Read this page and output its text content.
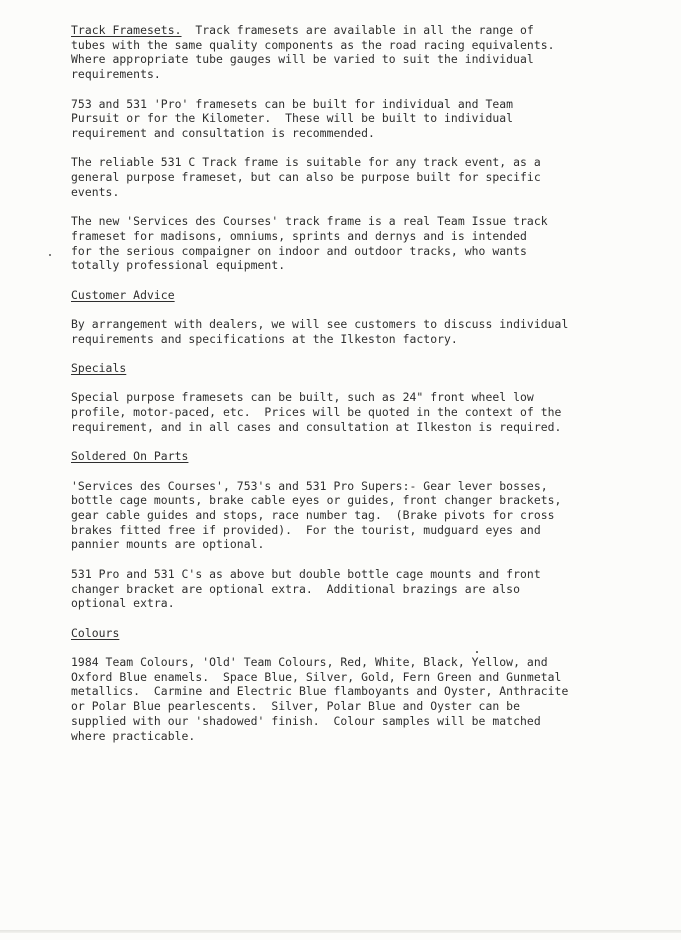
Track Framesets.  Track framesets are available in all the range of
tubes with the same quality components as the road racing equivalents.
Where appropriate tube gauges will be varied to suit the individual
requirements.
753 and 531 'Pro' framesets can be built for individual and Team
Pursuit or for the Kilometer.  These will be built to individual
requirement and consultation is recommended.
The reliable 531 C Track frame is suitable for any track event, as a
general purpose frameset, but can also be purpose built for specific
events.
The new 'Services des Courses' track frame is a real Team Issue track
frameset for madisons, omniums, sprints and dernys and is intended
for the serious compaigner on indoor and outdoor tracks, who wants
totally professional equipment.
Customer Advice
By arrangement with dealers, we will see customers to discuss individual
requirements and specifications at the Ilkeston factory.
Specials
Special purpose framesets can be built, such as 24" front wheel low
profile, motor-paced, etc.  Prices will be quoted in the context of the
requirement, and in all cases and consultation at Ilkeston is required.
Soldered On Parts
'Services des Courses', 753's and 531 Pro Supers:- Gear lever bosses,
bottle cage mounts, brake cable eyes or guides, front changer brackets,
gear cable guides and stops, race number tag.  (Brake pivots for cross
brakes fitted free if provided).  For the tourist, mudguard eyes and
pannier mounts are optional.
531 Pro and 531 C's as above but double bottle cage mounts and front
changer bracket are optional extra.  Additional brazings are also
optional extra.
Colours
1984 Team Colours, 'Old' Team Colours, Red, White, Black, Yellow, and
Oxford Blue enamels.  Space Blue, Silver, Gold, Fern Green and Gunmetal
metallics.  Carmine and Electric Blue flamboyants and Oyster, Anthracite
or Polar Blue pearlescents.  Silver, Polar Blue and Oyster can be
supplied with our 'shadowed' finish.  Colour samples will be matched
where practicable.
